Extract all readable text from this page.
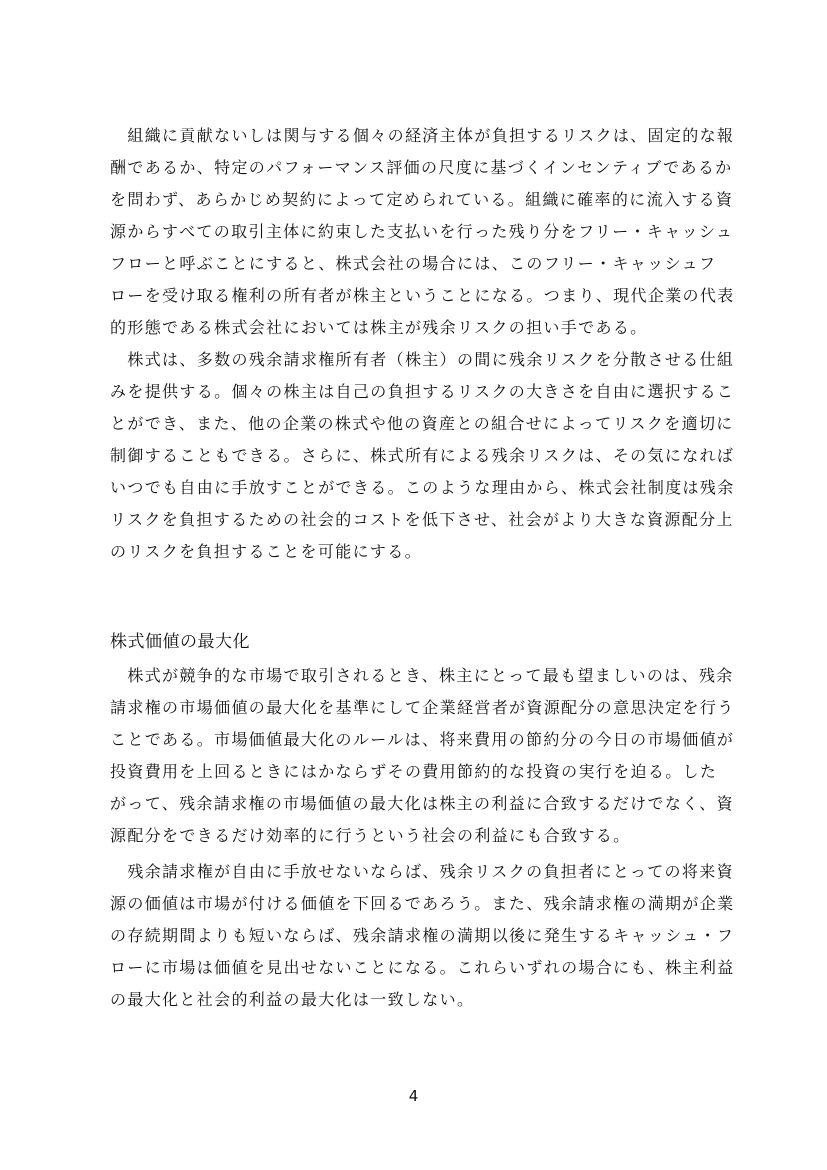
　組織に貢献ないしは関与する個々の経済主体が負担するリスクは、固定的な報
酬であるか、特定のパフォーマンス評価の尺度に基づくインセンティブであるか
を問わず、あらかじめ契約によって定められている。組織に確率的に流入する資
源からすべての取引主体に約束した支払いを行った残り分をフリー・キャッシュ
フローと呼ぶことにすると、株式会社の場合には、このフリー・キャッシュフ
ローを受け取る権利の所有者が株主ということになる。つまり、現代企業の代表
的形態である株式会社においては株主が残余リスクの担い手である。
　株式は、多数の残余請求権所有者（株主）の間に残余リスクを分散させる仕組
みを提供する。個々の株主は自己の負担するリスクの大きさを自由に選択するこ
とができ、また、他の企業の株式や他の資産との組合せによってリスクを適切に
制御することもできる。さらに、株式所有による残余リスクは、その気になれば
いつでも自由に手放すことができる。このような理由から、株式会社制度は残余
リスクを負担するための社会的コストを低下させ、社会がより大きな資源配分上
のリスクを負担することを可能にする。
株式価値の最大化
　株式が競争的な市場で取引されるとき、株主にとって最も望ましいのは、残余
請求権の市場価値の最大化を基準にして企業経営者が資源配分の意思決定を行う
ことである。市場価値最大化のルールは、将来費用の節約分の今日の市場価値が
投資費用を上回るときにはかならずその費用節約的な投資の実行を迫る。した
がって、残余請求権の市場価値の最大化は株主の利益に合致するだけでなく、資
源配分をできるだけ効率的に行うという社会の利益にも合致する。
　残余請求権が自由に手放せないならば、残余リスクの負担者にとっての将来資
源の価値は市場が付ける価値を下回るであろう。また、残余請求権の満期が企業
の存続期間よりも短いならば、残余請求権の満期以後に発生するキャッシュ・フ
ローに市場は価値を見出せないことになる。これらいずれの場合にも、株主利益
の最大化と社会的利益の最大化は一致しない。
4
